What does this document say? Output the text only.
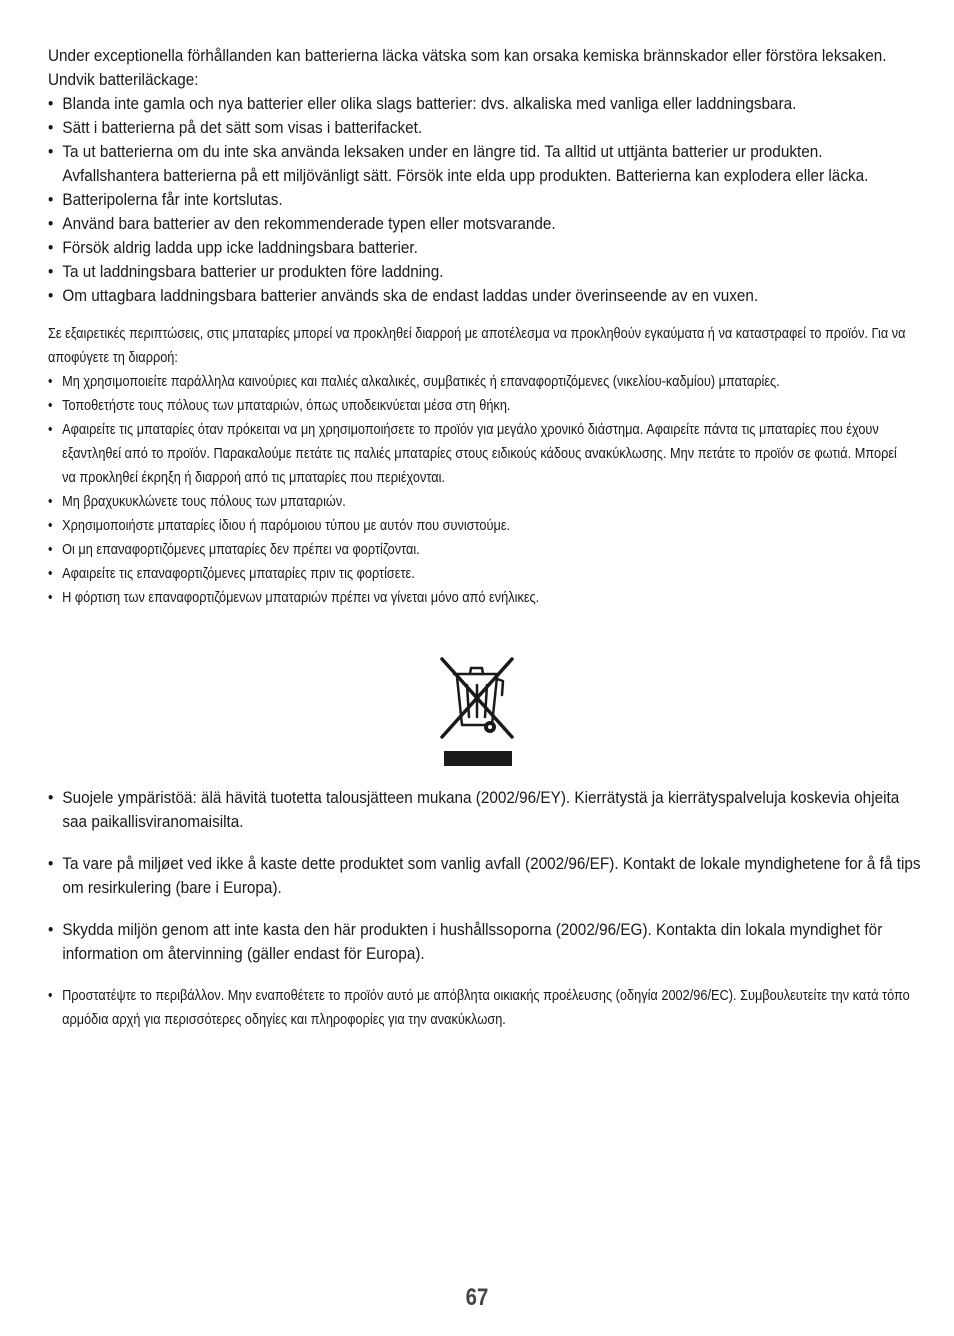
Under exceptionella förhållanden kan batterierna läcka vätska som kan orsaka kemiska brännskador eller förstöra leksaken. Undvik batteriläckage:

• Blanda inte gamla och nya batterier eller olika slags batterier: dvs. alkaliska med vanliga eller laddningsbara.
• Sätt i batterierna på det sätt som visas i batterifacket.
• Ta ut batterierna om du inte ska använda leksaken under en längre tid. Ta alltid ut uttjänta batterier ur produkten. Avfallshantera batterierna på ett miljövänligt sätt. Försök inte elda upp produkten. Batterierna kan explodera eller läcka.
• Batteripolerna får inte kortslutas.
• Använd bara batterier av den rekommenderade typen eller motsvarande.
• Försök aldrig ladda upp icke laddningsbara batterier.
• Ta ut laddningsbara batterier ur produkten före laddning.
• Om uttagbara laddningsbara batterier används ska de endast laddas under överinseende av en vuxen.

Σε εξαιρετικές περιπτώσεις, στις μπαταρίες μπορεί να προκληθεί διαρροή με αποτέλεσμα να προκληθούν εγκαύματα ή να καταστραφεί το προϊόν. Για να αποφύγετε τη διαρροή:

• Μη χρησιμοποιείτε παράλληλα καινούριες και παλιές αλκαλικές, συμβατικές ή επαναφορτιζόμενες (νικελίου-καδμίου) μπαταρίες.
• Τοποθετήστε τους πόλους των μπαταριών, όπως υποδεικνύεται μέσα στη θήκη.
• Αφαιρείτε τις μπαταρίες όταν πρόκειται να μη χρησιμοποιήσετε το προϊόν για μεγάλο χρονικό διάστημα. Αφαιρείτε πάντα τις μπαταρίες που έχουν εξαντληθεί από το προϊόν. Παρακαλούμε πετάτε τις παλιές μπαταρίες στους ειδικούς κάδους ανακύκλωσης. Μην πετάτε το προϊόν σε φωτιά. Μπορεί να προκληθεί έκρηξη ή διαρροή από τις μπαταρίες που περιέχονται.
• Μη βραχυκυκλώνετε τους πόλους των μπαταριών.
• Χρησιμοποιήστε μπαταρίες ίδιου ή παρόμοιου τύπου με αυτόν που συνιστούμε.
• Οι μη επαναφορτιζόμενες μπαταρίες δεν πρέπει να φορτίζονται.
• Αφαιρείτε τις επαναφορτιζόμενες μπαταρίες πριν τις φορτίσετε.
• Η φόρτιση των επαναφορτιζόμενων μπαταριών πρέπει να γίνεται μόνο από ενήλικες.
• Suojele ympäristöä: älä hävitä tuotetta talousjätteen mukana (2002/96/EY). Kierrätystä ja kierrätyspalveluja koskevia ohjeita saa paikallisviranomaisilta.
• Ta vare på miljøet ved ikke å kaste dette produktet som vanlig avfall (2002/96/EF). Kontakt de lokale myndighetene for å få tips om resirkulering (bare i Europa).
• Skydda miljön genom att inte kasta den här produkten i hushållssoporna (2002/96/EG). Kontakta din lokala myndighet för information om återvinning (gäller endast för Europa).
• Προστατέψτε το περιβάλλον. Μην εναποθέτετε το προϊόν αυτό με απόβλητα οικιακής προέλευσης (οδηγία 2002/96/EC). Συμβουλευτείτε την κατά τόπο αρμόδια αρχή για περισσότερες οδηγίες και πληροφορίες για την ανακύκλωση.
67
